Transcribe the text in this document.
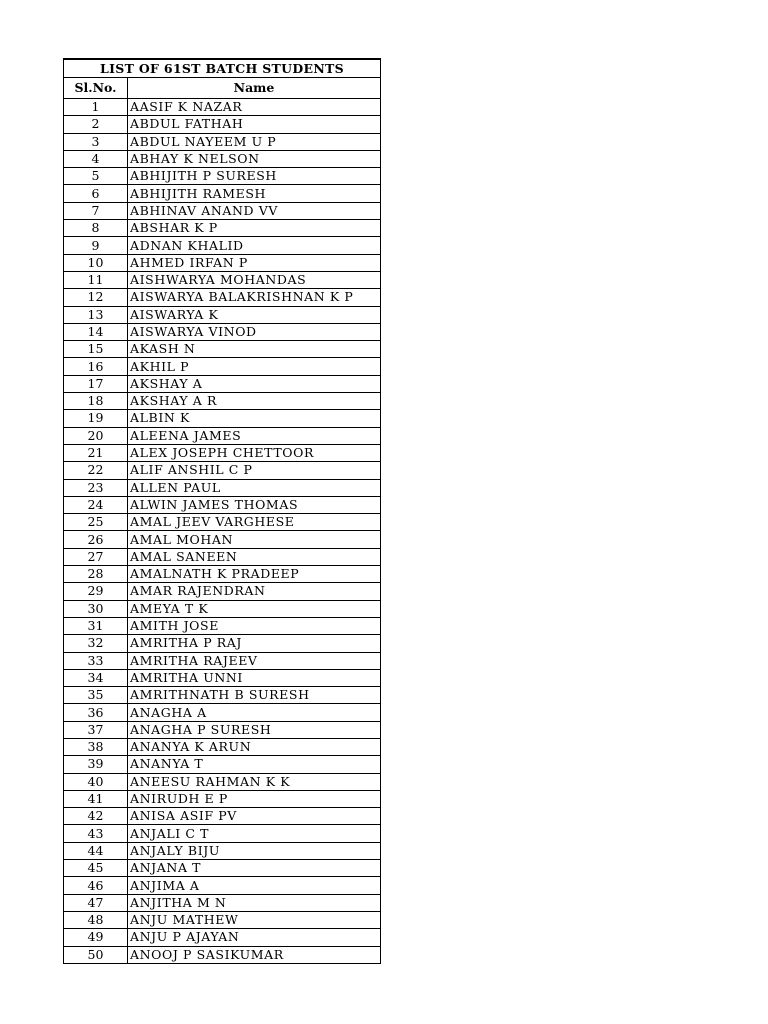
LIST OF 61ST BATCH STUDENTS	
Sl.No.	Name
1	AASIF K NAZAR
2	ABDUL FATHAH
3	ABDUL NAYEEM U P
4	ABHAY K NELSON
5	ABHIJITH P SURESH
6	ABHIJITH RAMESH
7	ABHINAV ANAND VV
8	ABSHAR K P
9	ADNAN KHALID
10	AHMED IRFAN P
11	AISHWARYA MOHANDAS
12	AISWARYA BALAKRISHNAN K P
13	AISWARYA K
14	AISWARYA VINOD
15	AKASH N
16	AKHIL P
17	AKSHAY A
18	AKSHAY A R
19	ALBIN K
20	ALEENA JAMES
21	ALEX JOSEPH CHETTOOR
22	ALIF ANSHIL C P
23	ALLEN PAUL
24	ALWIN JAMES THOMAS
25	AMAL JEEV VARGHESE
26	AMAL MOHAN
27	AMAL SANEEN
28	AMALNATH K PRADEEP
29	AMAR RAJENDRAN
30	AMEYA T K
31	AMITH JOSE
32	AMRITHA P RAJ
33	AMRITHA RAJEEV
34	AMRITHA UNNI
35	AMRITHNATH B SURESH
36	ANAGHA A
37	ANAGHA P SURESH
38	ANANYA K ARUN
39	ANANYA T
40	ANEESU RAHMAN K K
41	ANIRUDH E P
42	ANISA ASIF PV
43	ANJALI C T
44	ANJALY BIJU
45	ANJANA T
46	ANJIMA A
47	ANJITHA M N
48	ANJU MATHEW
49	ANJU P AJAYAN
50	ANOOJ P SASIKUMAR
